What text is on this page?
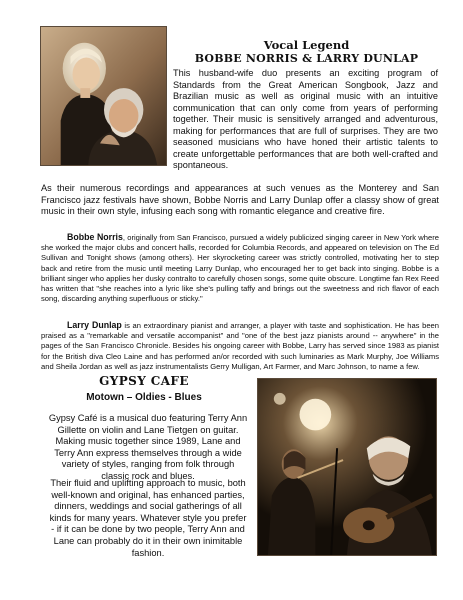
Vocal Legend
BOBBE NORRIS & LARRY DUNLAP
This husband-wife duo presents an exciting program of Standards from the Great American Songbook, Jazz and Brazilian music as well as original music with an intuitive communication that can only come from years of performing together. Their music is sensitively arranged and adventurous, making for performances that are full of surprises. They are two seasoned musicians who have honed their artistic talents to create unforgettable performances that are both well-crafted and spontaneous.
As their numerous recordings and appearances at such venues as the Monterey and San Francisco jazz festivals have shown, Bobbe Norris and Larry Dunlap offer a classy show of great music in their own style, infusing each song with romantic elegance and creative fire.
Bobbe Norris, originally from San Francisco, pursued a widely publicized singing career in New York where she worked the major clubs and concert halls, recorded for Columbia Records, and appeared on television on The Ed Sullivan and Tonight shows (among others). Her skyrocketing career was strictly controlled, motivating her to step back and retire from the music until meeting Larry Dunlap, who encouraged her to get back into singing. Bobbe is a brilliant singer who applies her dusky contralto to carefully chosen songs, some quite obscure. Longtime fan Rex Reed has written that "she reaches into a lyric like she's pulling taffy and brings out the sweetness and rich flavor of each song, discarding anything superfluous or sticky."
Larry Dunlap is an extraordinary pianist and arranger, a player with taste and sophistication. He has been praised as a "remarkable and versatile accompanist" and "one of the best jazz pianists around -- anywhere" in the pages of the San Francisco Chronicle. Besides his ongoing career with Bobbe, Larry has served since 1983 as pianist for the British diva Cleo Laine and has performed an/or recorded with such luminaries as Mark Murphy, Joe Williams and Sheila Jordan as well as jazz instrumentalists Gerry Mulligan, Art Farmer, and Marc Johnson, to name a few.
GYPSY CAFE
Motown – Oldies - Blues
Gypsy Café is a musical duo featuring Terry Ann Gillette on violin and Lane Tietgen on guitar. Making music together since 1989, Lane and Terry Ann express themselves through a wide variety of styles, ranging from folk through classic rock and blues.
Their fluid and uplifting approach to music, both well-known and original, has enhanced parties, dinners, weddings and social gatherings of all kinds for many years. Whatever style you prefer - if it can be done by two people, Terry Ann and Lane can probably do it in their own inimitable fashion.
